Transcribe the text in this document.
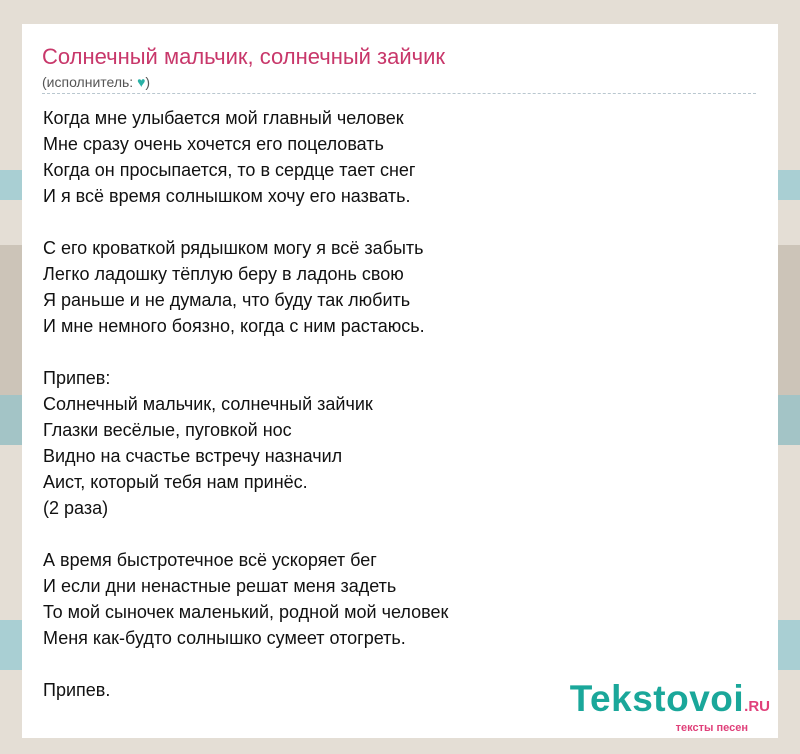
Солнечный мальчик, солнечный зайчик
(исполнитель: ♥)
Когда мне улыбается мой главный человек
Мне сразу очень хочется его поцеловать
Когда он просыпается, то в сердце тает снег
И я всё время солнышком хочу его назвать.
С его кроваткой рядышком могу я всё забыть
Легко ладошку тёплую беру в ладонь свою
Я раньше и не думала, что буду так любить
И мне немного боязно, когда с ним растаюсь.
Припев:
Солнечный мальчик, солнечный зайчик
Глазки весёлые, пуговкой нос
Видно на счастье встречу назначил
Аист, который тебя нам принёс.
(2 раза)
А время быстротечное всё ускоряет бег
И если дни ненастные решат меня задеть
То мой сыночек маленький, родной мой человек
Меня как-будто солнышко сумеет отогреть.
Припев.	Tekstovoi.RU
тексты песен
